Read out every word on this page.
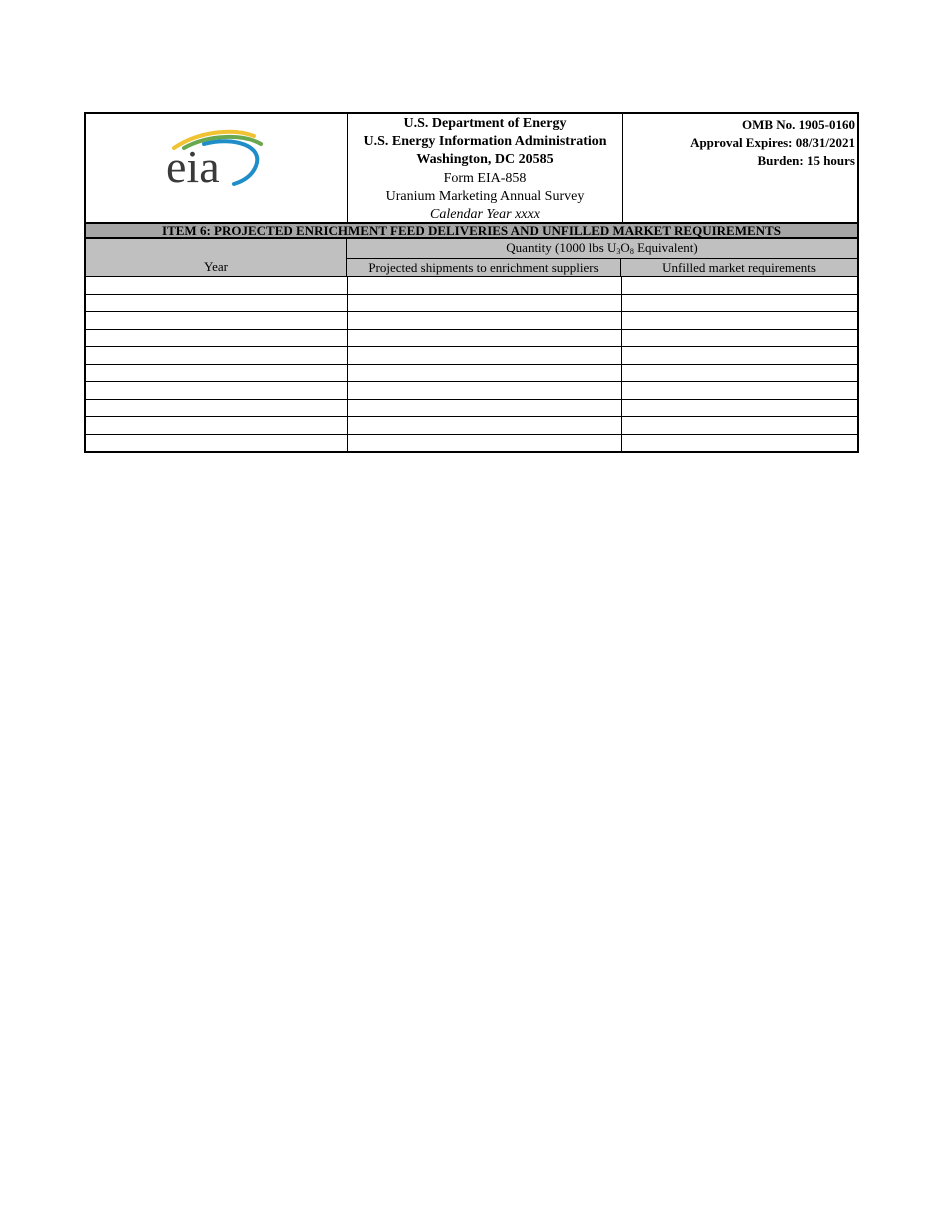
eia
U.S. Department of Energy
U.S. Energy Information Administration
Washington, DC 20585
Form EIA-858
Uranium Marketing Annual Survey
Calendar Year xxxx
OMB No. 1905-0160
Approval Expires: 08/31/2021
Burden: 15 hours
ITEM 6: PROJECTED ENRICHMENT FEED DELIVERIES AND UNFILLED MARKET REQUIREMENTS
Year
Quantity (1000 lbs $U_3O_8$ Equivalent)
Projected shipments to enrichment suppliers	Unfilled market requirements
